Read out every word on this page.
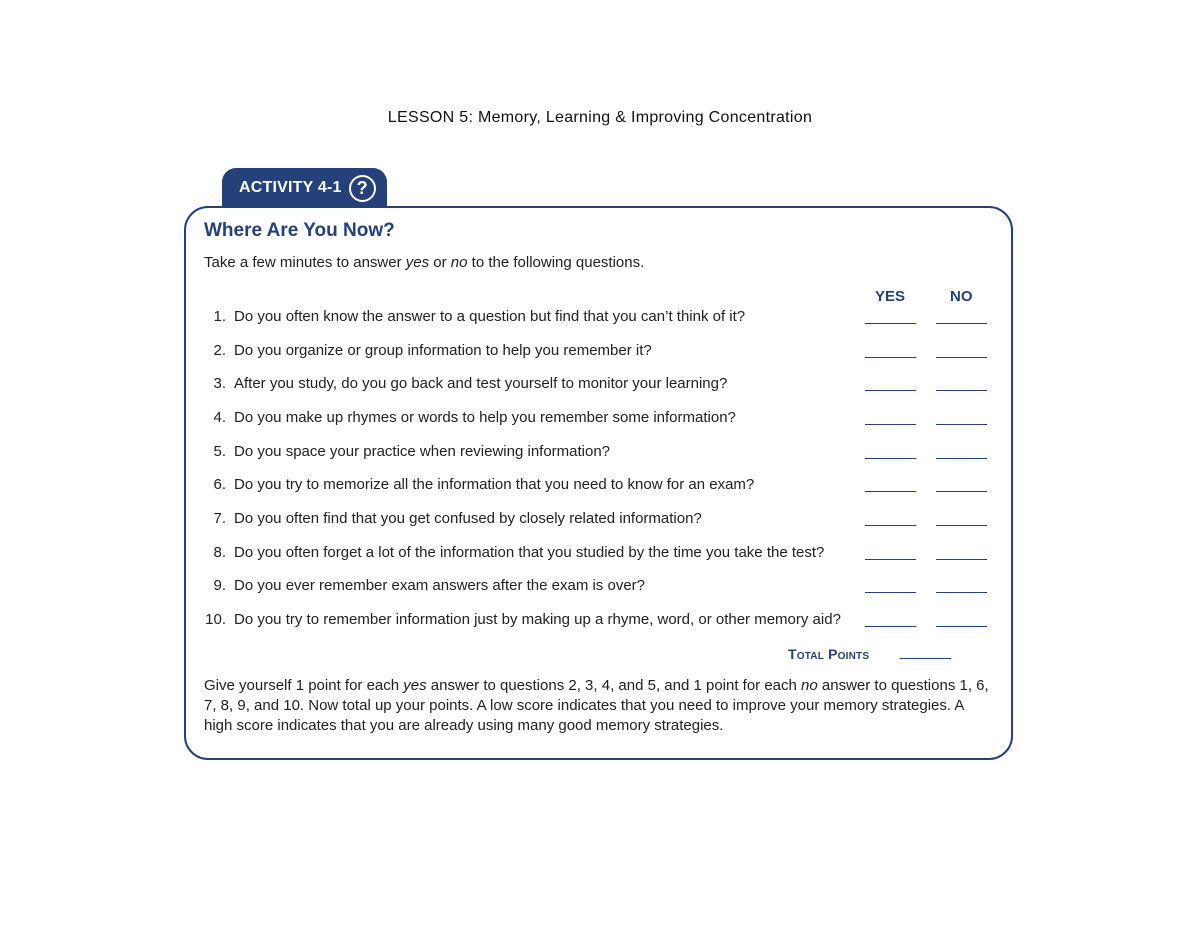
LESSON 5: Memory, Learning & Improving Concentration
ACTIVITY 4-1 ?
Where Are You Now?
Take a few minutes to answer yes or no to the following questions.
YES	NO
1. Do you often know the answer to a question but find that you can’t think of it?
2. Do you organize or group information to help you remember it?
3. After you study, do you go back and test yourself to monitor your learning?
4. Do you make up rhymes or words to help you remember some information?
5. Do you space your practice when reviewing information?
6. Do you try to memorize all the information that you need to know for an exam?
7. Do you often find that you get confused by closely related information?
8. Do you often forget a lot of the information that you studied by the time you take the test?
9. Do you ever remember exam answers after the exam is over?
10. Do you try to remember information just by making up a rhyme, word, or other memory aid?
Total Points
Give yourself 1 point for each yes answer to questions 2, 3, 4, and 5, and 1 point for each no answer to questions 1, 6, 7, 8, 9, and 10. Now total up your points. A low score indicates that you need to improve your memory strategies. A high score indicates that you are already using many good memory strategies.
